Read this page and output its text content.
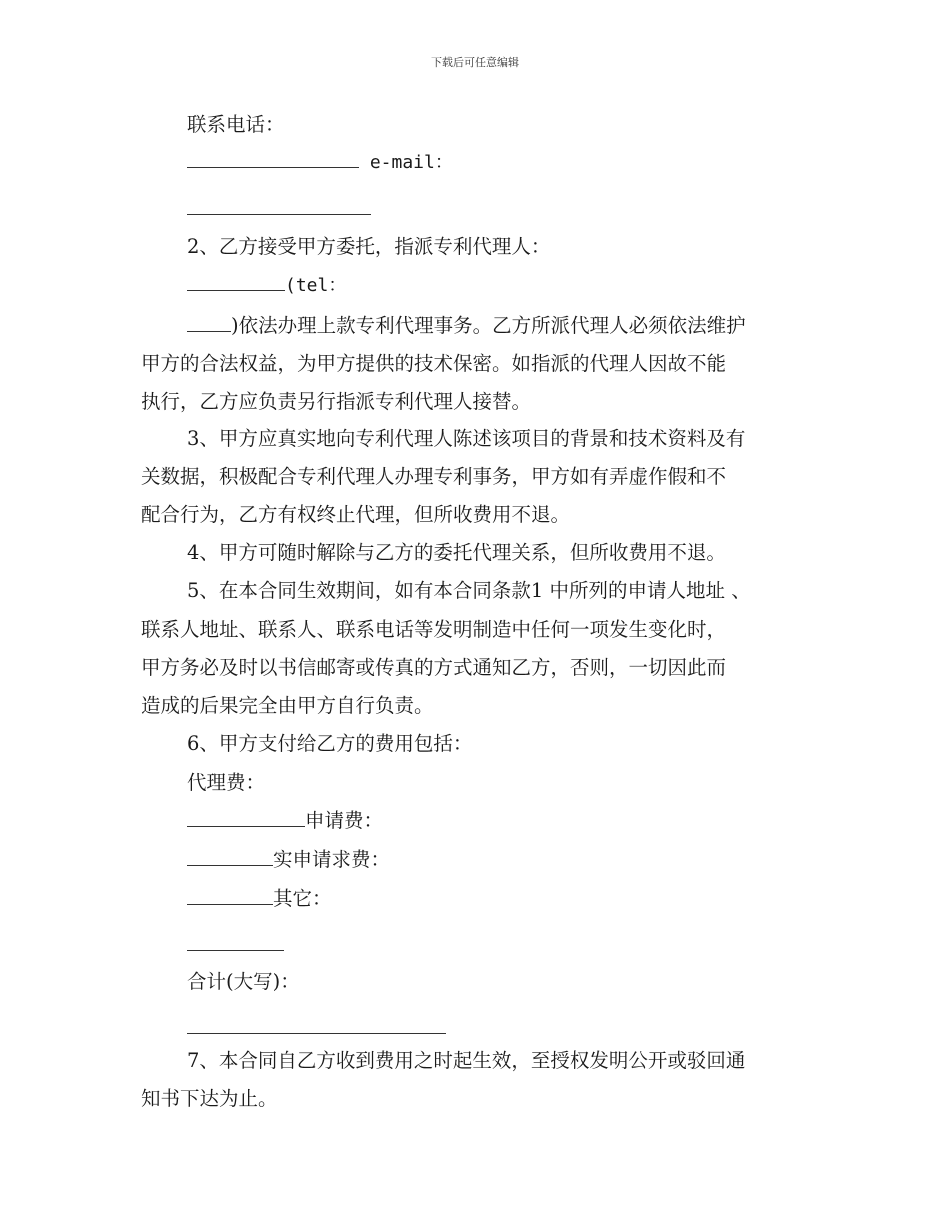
下载后可任意编辑
联系电话：
e-mail：
2、乙方接受甲方委托，指派专利代理人：
(tel：
)依法办理上款专利代理事务。乙方所派代理人必须依法维护
甲方的合法权益，为甲方提供的技术保密。如指派的代理人因故不能
执行，乙方应负责另行指派专利代理人接替。
3、甲方应真实地向专利代理人陈述该项目的背景和技术资料及有
关数据，积极配合专利代理人办理专利事务，甲方如有弄虚作假和不
配合行为，乙方有权终止代理，但所收费用不退。
4、甲方可随时解除与乙方的委托代理关系，但所收费用不退。
5、在本合同生效期间，如有本合同条款1 中所列的申请人地址 、
联系人地址、联系人、联系电话等发明制造中任何一项发生变化时，
甲方务必及时以书信邮寄或传真的方式通知乙方，否则，一切因此而
造成的后果完全由甲方自行负责。
6、甲方支付给乙方的费用包括：
代理费：
申请费：
实申请求费：
其它：
合计(大写)：
7、本合同自乙方收到费用之时起生效，至授权发明公开或驳回通
知书下达为止。
